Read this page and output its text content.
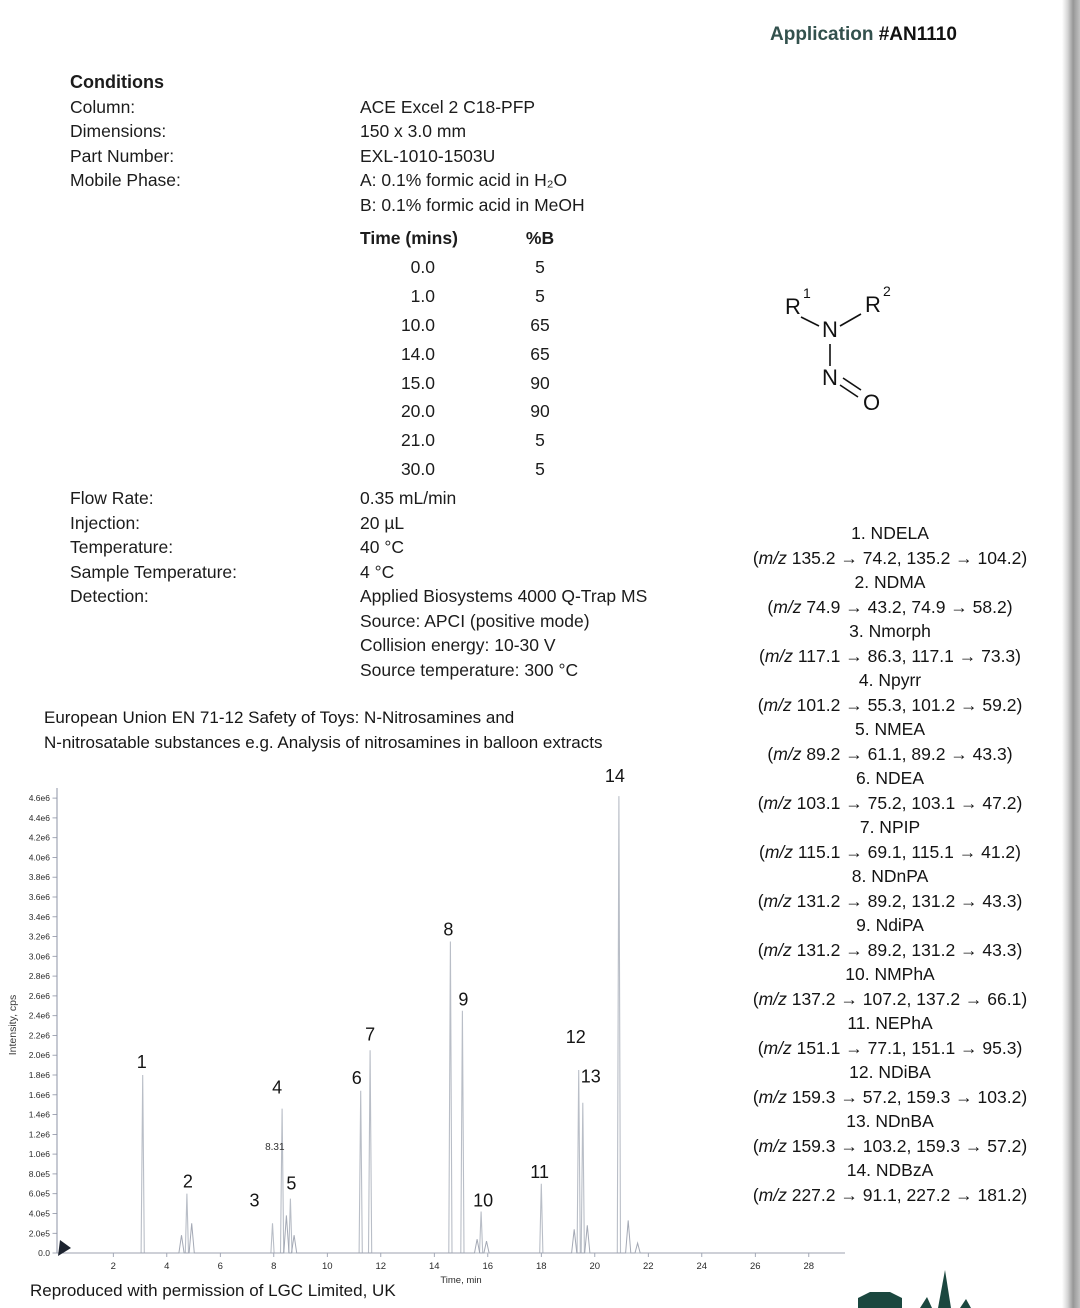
Application #AN1110
Conditions
Column:	ACE Excel 2 C18-PFP
Dimensions:	150 x 3.0 mm
Part Number:	EXL-1010-1503U
Mobile Phase:	A: 0.1% formic acid in H₂O
B: 0.1% formic acid in MeOH
Time (mins)	%B
0.0	5
1.0	5
10.0	65
14.0	65
15.0	90
20.0	90
21.0	5
30.0	5
Flow Rate:	0.35 mL/min
Injection:	20 µL
Temperature:	40 °C
Sample Temperature:	4 °C
Detection:	Applied Biosystems 4000 Q-Trap MS
Source: APCI (positive mode)
Collision energy: 10-30 V
Source temperature: 300 °C
R
1 R
2
N
N
O
European Union EN 71-12 Safety of Toys: N-Nitrosamines and
N-nitrosatable substances e.g. Analysis of nitrosamines in balloon extracts
1. NDELA
(m/z 135.2 → 74.2, 135.2 → 104.2)
2. NDMA
(m/z 74.9 → 43.2, 74.9 → 58.2)
3. Nmorph
(m/z 117.1 → 86.3, 117.1 → 73.3)
4. Npyrr
(m/z 101.2 → 55.3, 101.2 → 59.2)
5. NMEA
(m/z 89.2 → 61.1, 89.2 → 43.3)
6. NDEA
(m/z 103.1 → 75.2, 103.1 → 47.2)
7. NPIP
(m/z 115.1 → 69.1, 115.1 → 41.2)
8. NDnPA
(m/z 131.2 → 89.2, 131.2 → 43.3)
9. NdiPA
(m/z 131.2 → 89.2, 131.2 → 43.3)
10. NMPhA
(m/z 137.2 → 107.2, 137.2 → 66.1)
11. NEPhA
(m/z 151.1 → 77.1, 151.1 → 95.3)
12. NDiBA
(m/z 159.3 → 57.2, 159.3 → 103.2)
13. NDnBA
(m/z 159.3 → 103.2, 159.3 → 57.2)
14. NDBzA
(m/z 227.2 → 91.1, 227.2 → 181.2)
4.6e6
4.4e6
4.2e6
4.0e6
3.8e6
3.6e6
3.4e6
3.2e6
3.0e6
2.8e6
2.6e6
2.4e6
2.2e6
2.0e6
1.8e6
1.6e6
1.4e6
1.2e6
1.0e6
8.0e5
6.0e5
4.0e5
2.0e5
0.0
2	4	6	8	10	12	14	16	18	20	22	24	26	28
Time, min
Intensity, cps
1
2
3
4
5
6
7
8
9
10
11
12
13
14
8.31
Reproduced with permission of LGC Limited, UK
